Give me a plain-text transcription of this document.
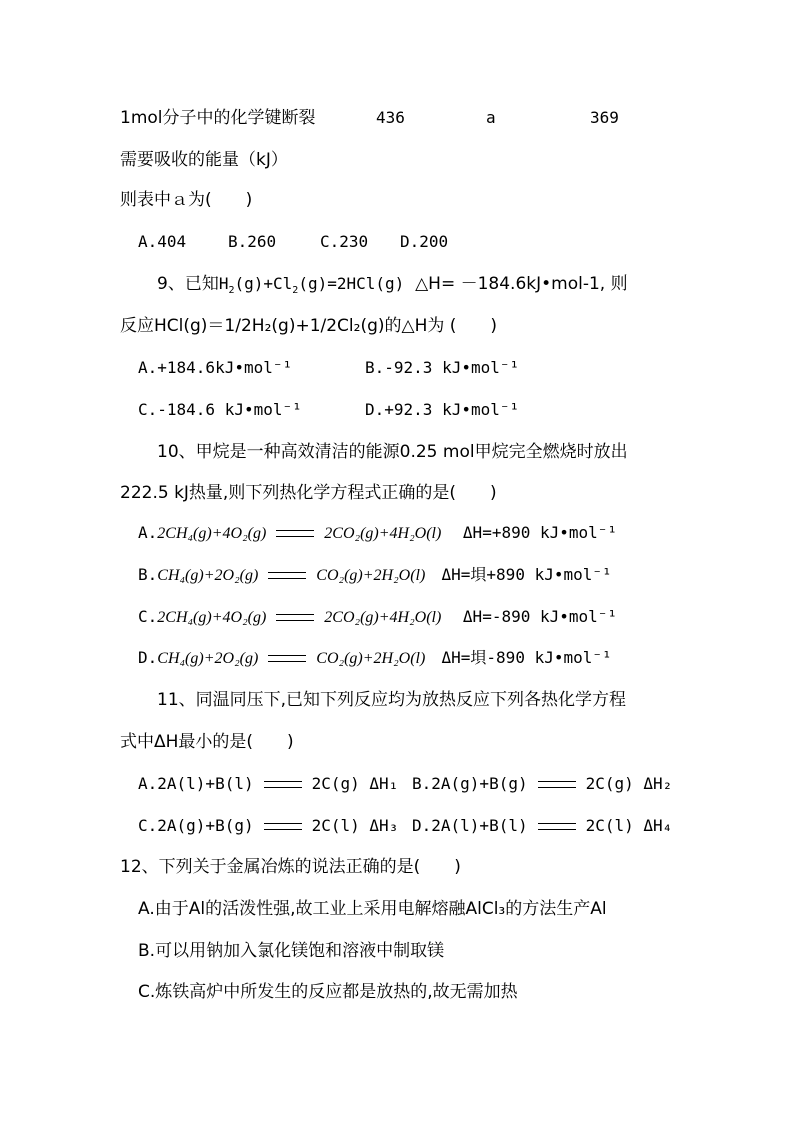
1mol分子中的化学键断裂	436	a	369
需要吸收的能量（kJ）
则表中ａ为(　　)
A.404	B.260	C.230 D.200
9、已知$H_2(g)+Cl_2(g)=2HCl(g)$ △H= －184.6kJ•mol-1, 则
反应HCl(g)＝1/2H₂(g)+1/2Cl₂(g)的△H为 (　　)
A.+184.6kJ•mol⁻¹	B.-92.3 kJ•mol⁻¹
C.-184.6 kJ•mol⁻¹	D.+92.3 kJ•mol⁻¹
10、甲烷是一种高效清洁的能源0.25 mol甲烷完全燃烧时放出
222.5 kJ热量,则下列热化学方程式正确的是(　　)
A.2CH₄(g)+4O₂(g)	2CO₂(g)+4H₂O(l) ΔH=+890 kJ•mol⁻¹
B.CH₄(g)+2O₂(g)	CO₂(g)+2H₂O(l) ΔH=垻+890 kJ•mol⁻¹
C.2CH₄(g)+4O₂(g)	2CO₂(g)+4H₂O(l) ΔH=-890 kJ•mol⁻¹
D.CH₄(g)+2O₂(g)	CO₂(g)+2H₂O(l) ΔH=垻-890 kJ•mol⁻¹
11、同温同压下,已知下列反应均为放热反应下列各热化学方程
式中ΔH最小的是(　　)
A.2A(l)+B(l)	2C(g) ΔH₁ B.2A(g)+B(g)	2C(g) ΔH₂
C.2A(g)+B(g)	2C(l) ΔH₃ D.2A(l)+B(l)	2C(l) ΔH₄
12、下列关于金属冶炼的说法正确的是(　　)
A.由于Al的活泼性强,故工业上采用电解熔融AlCl₃的方法生产Al
B.可以用钠加入氯化镁饱和溶液中制取镁
C.炼铁高炉中所发生的反应都是放热的,故无需加热
